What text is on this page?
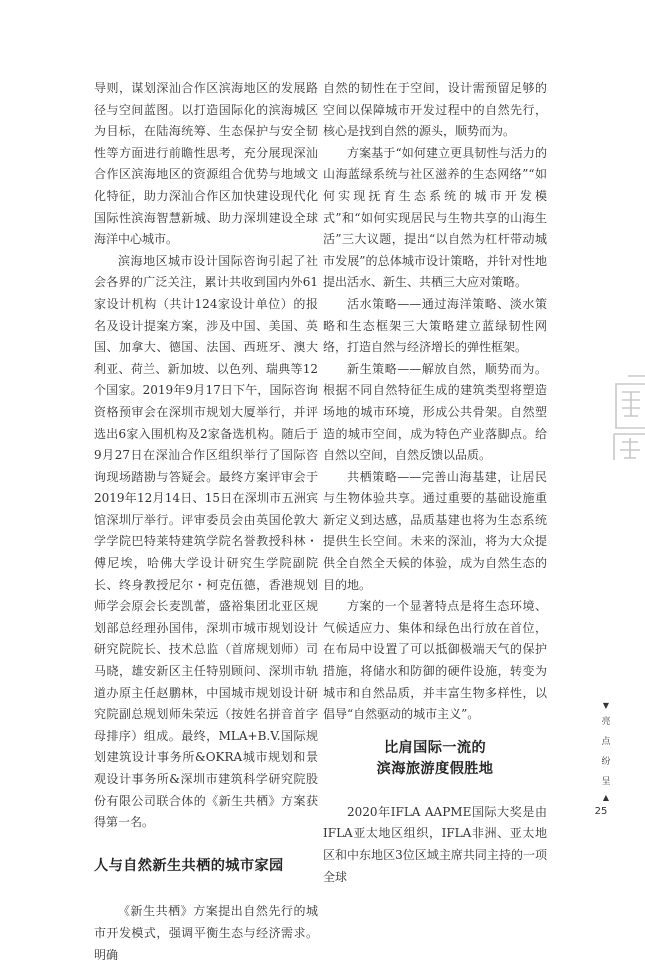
导则，谋划深汕合作区滨海地区的发展路径与空间蓝图。以打造国际化的滨海城区为目标，在陆海统筹、生态保护与安全韧性等方面进行前瞻性思考，充分展现深汕合作区滨海地区的资源组合优势与地域文化特征，助力深汕合作区加快建设现代化国际性滨海智慧新城、助力深圳建设全球海洋中心城市。

滨海地区城市设计国际咨询引起了社会各界的广泛关注，累计共收到国内外61家设计机构（共计124家设计单位）的报名及设计提案方案，涉及中国、美国、英国、加拿大、德国、法国、西班牙、澳大利亚、荷兰、新加坡、以色列、瑞典等12个国家。2019年9月17日下午，国际咨询资格预审会在深圳市规划大厦举行，并评选出6家入围机构及2家备选机构。随后于9月27日在深汕合作区组织举行了国际咨询现场踏勘与答疑会。最终方案评审会于2019年12月14日、15日在深圳市五洲宾馆深圳厅举行。评审委员会由英国伦敦大学学院巴特莱特建筑学院名誉教授科林・傅尼埃，哈佛大学设计研究生学院副院长、终身教授尼尔・柯克伍德，香港规划师学会原会长麦凯蕾，盛裕集团北亚区规划部总经理孙国伟，深圳市城市规划设计研究院院长、技术总监（首席规划师）司马晓，雄安新区主任特别顾问、深圳市轨道办原主任赵鹏林，中国城市规划设计研究院副总规划师朱荣远（按姓名拼音首字母排序）组成。最终，MLA+B.V.国际规划建筑设计事务所&OKRA城市规划和景观设计事务所&深圳市建筑科学研究院股份有限公司联合体的《新生共栖》方案获得第一名。

人与自然新生共栖的城市家园

《新生共栖》方案提出自然先行的城市开发模式，强调平衡生态与经济需求。明确

自然的韧性在于空间，设计需预留足够的空间以保障城市开发过程中的自然先行，核心是找到自然的源头，顺势而为。

方案基于“如何建立更具韧性与活力的山海蓝绿系统与社区滋养的生态网络”“如何实现抚育生态系统的城市开发模式”和“如何实现居民与生物共享的山海生活”三大议题，提出“以自然为杠杆带动城市发展”的总体城市设计策略，并针对性地提出活水、新生、共栖三大应对策略。

活水策略——通过海洋策略、淡水策略和生态框架三大策略建立蓝绿韧性网络，打造自然与经济增长的弹性框架。

新生策略——解放自然，顺势而为。根据不同自然特征生成的建筑类型将塑造场地的城市环境，形成公共骨架。自然塑造的城市空间，成为特色产业落脚点。给自然以空间，自然反馈以品质。

共栖策略——完善山海基建，让居民与生物体验共享。通过重要的基础设施重新定义到达感，品质基建也将为生态系统提供生长空间。未来的深汕，将为大众提供全自然全天候的体验，成为自然生态的目的地。

方案的一个显著特点是将生态环境、气候适应力、集体和绿色出行放在首位，在布局中设置了可以抵御极端天气的保护措施，将储水和防御的硬件设施，转变为城市和自然品质，并丰富生物多样性，以倡导“自然驱动的城市主义”。

比肩国际一流的
滨海旅游度假胜地

2020年IFLA AAPME国际大奖是由IFLA亚太地区组织，IFLA非洲、亚太地区和中东地区3位区域主席共同主持的一项全球

▼
亮
点
纷
呈
▲
25
